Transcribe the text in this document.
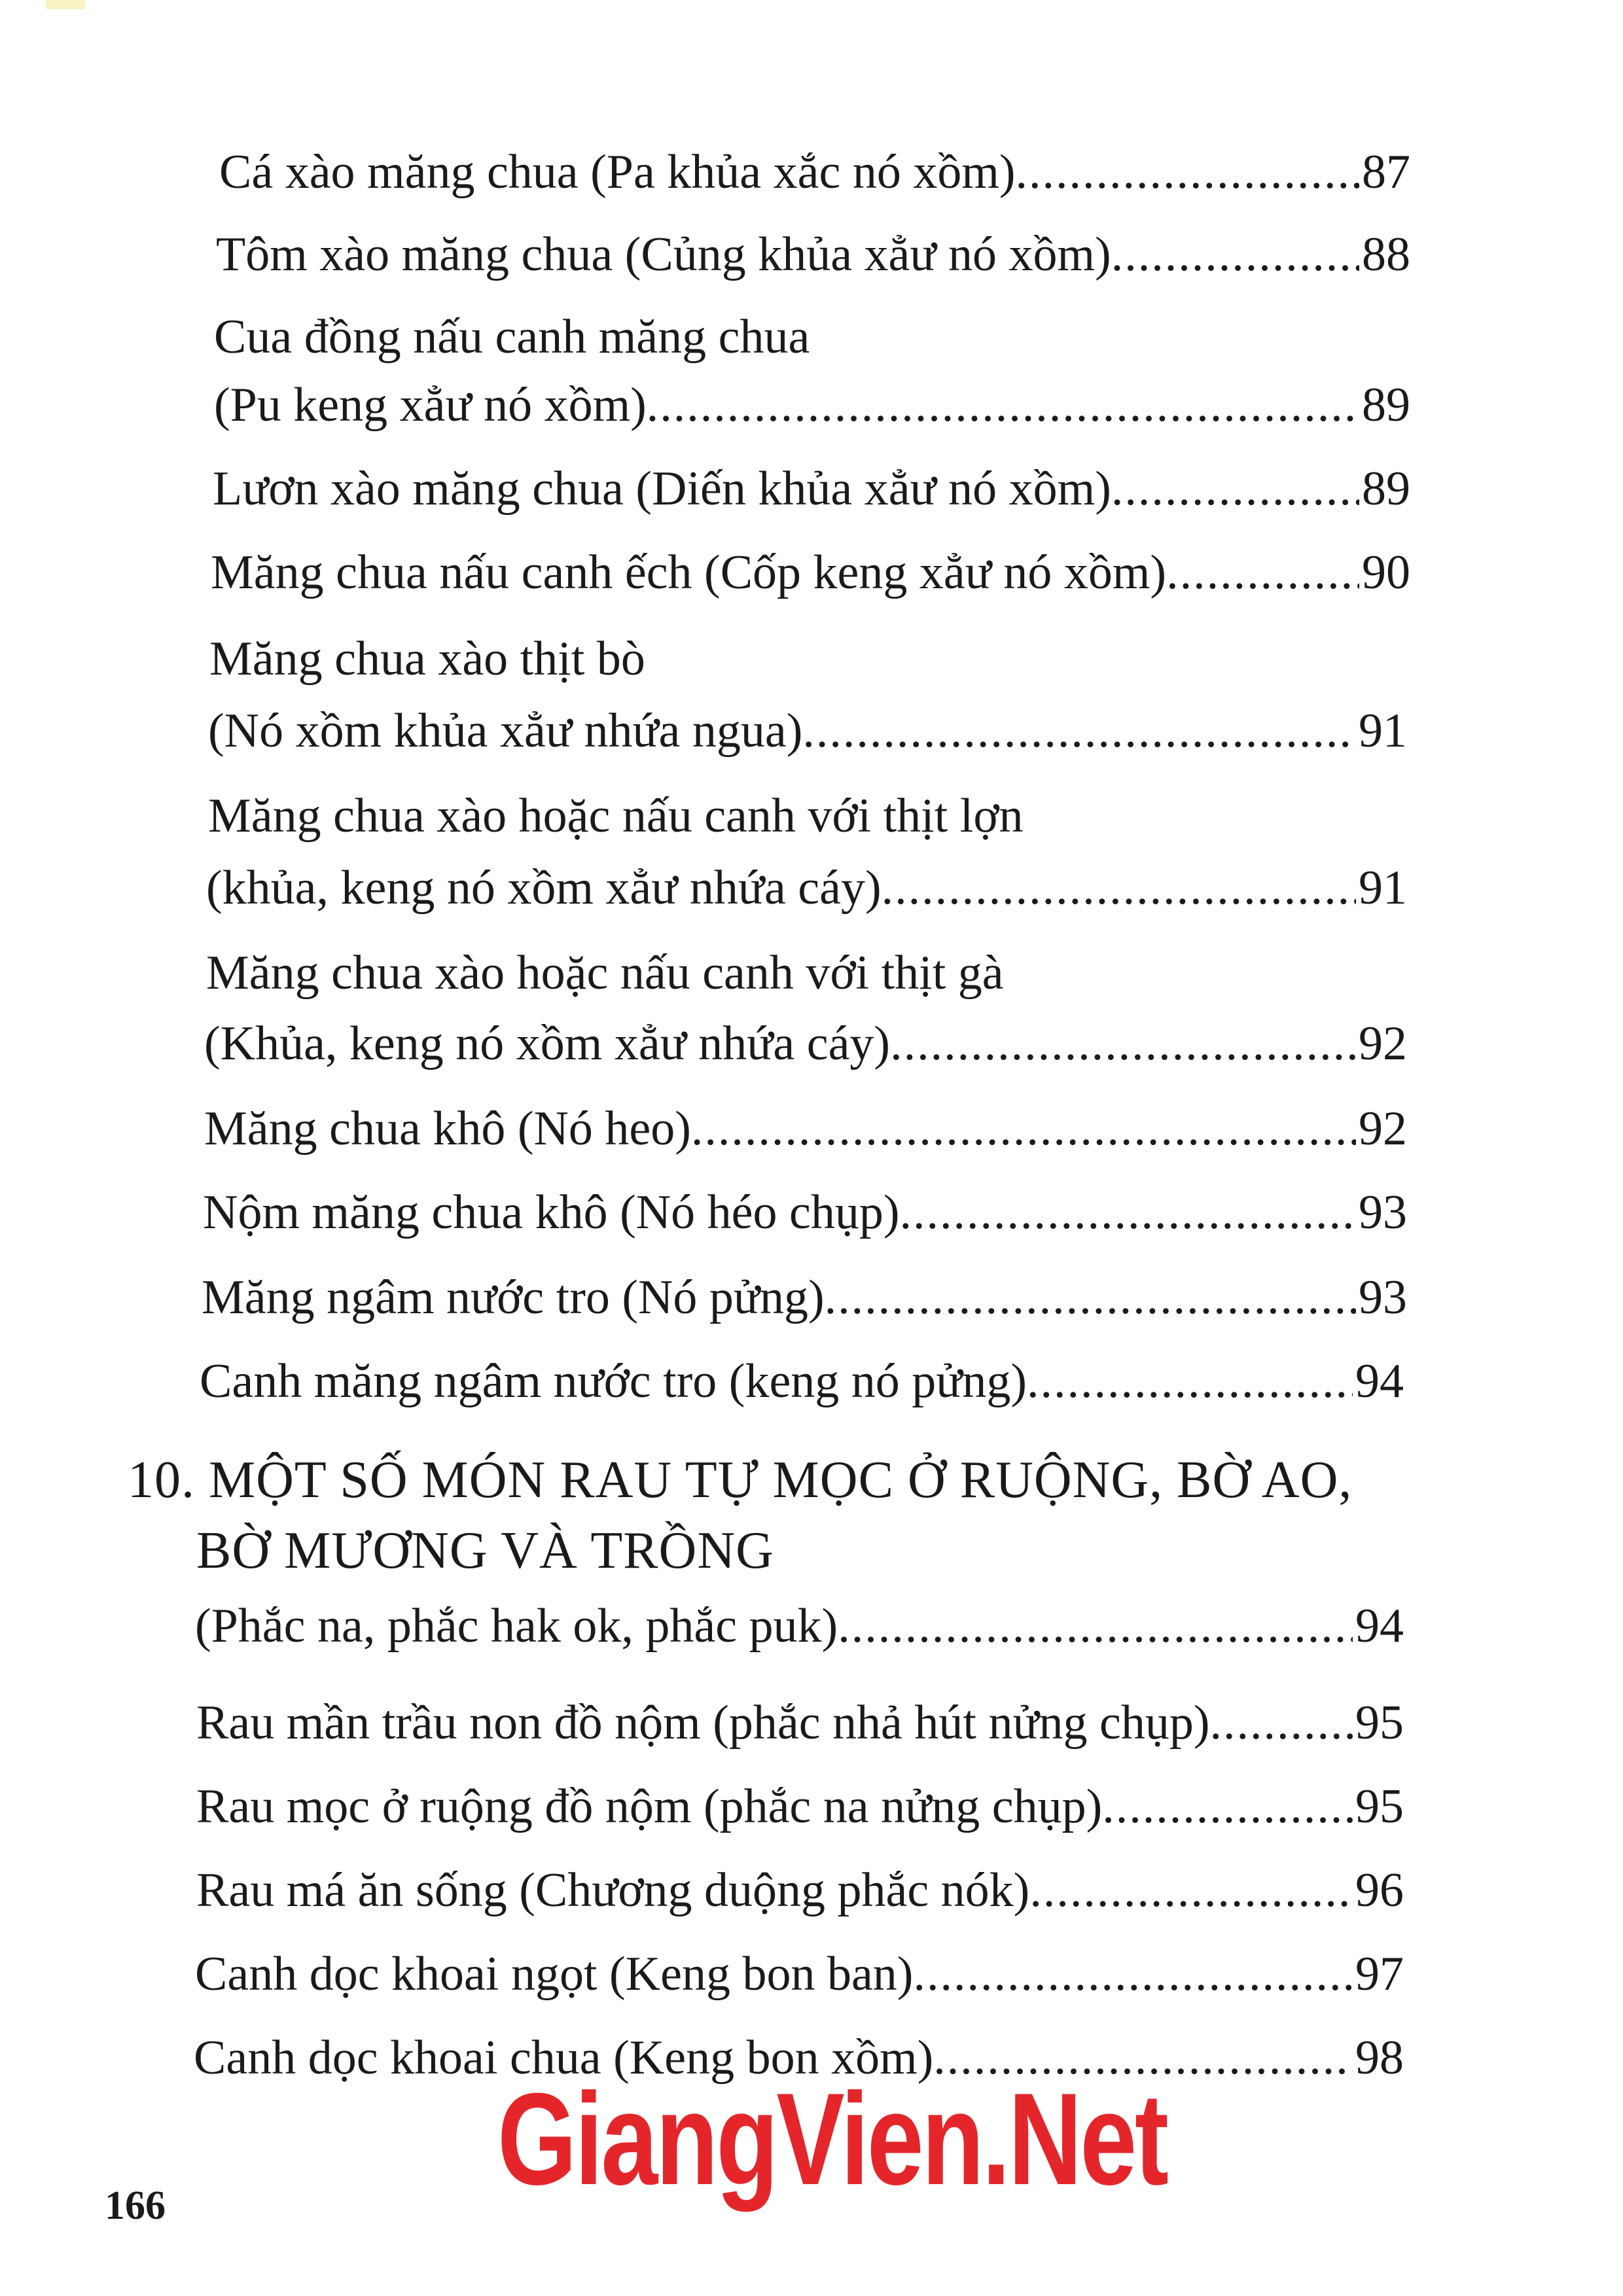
Cá xào măng chua (Pa khủa xắc nó xồm) .....	87
Tôm xào măng chua (Củng khủa xẳư nó xồm) .....	88
Cua đồng nấu canh măng chua
(Pu keng xẳư nó xồm) .....	89
Lươn xào măng chua (Diến khủa xẳư nó xồm) .....	89
Măng chua nấu canh ếch (Cốp keng xẳư nó xồm) .....	90
Măng chua xào thịt bò
(Nó xồm khủa xẳư nhứa ngua) .....	91
Măng chua xào hoặc nấu canh với thịt lợn
(khủa, keng nó xồm xẳư nhứa cáy) .....	91
Măng chua xào hoặc nấu canh với thịt gà
(Khủa, keng nó xồm xẳư nhứa cáy) .....	92
Măng chua khô (Nó heo) .....	92
Nộm măng chua khô (Nó héo chụp) .....	93
Măng ngâm nước tro (Nó pửng) .....	93
Canh măng ngâm nước tro (keng nó pửng) .....	94
10. MỘT SỐ MÓN RAU TỰ MỌC Ở RUỘNG, BỜ AO,
BỜ MƯƠNG VÀ TRỒNG
(Phắc na, phắc hak ok, phắc puk) .....	94
Rau mần trầu non đồ nộm (phắc nhả hút nửng chụp) .....	95
Rau mọc ở ruộng đồ nộm (phắc na nửng chụp) .....	95
Rau má ăn sống (Chương duộng phắc nók) .....	96
Canh dọc khoai ngọt (Keng bon ban) .....	97
Canh dọc khoai chua (Keng bon xồm) .....	98
GiangVien.Net
166
